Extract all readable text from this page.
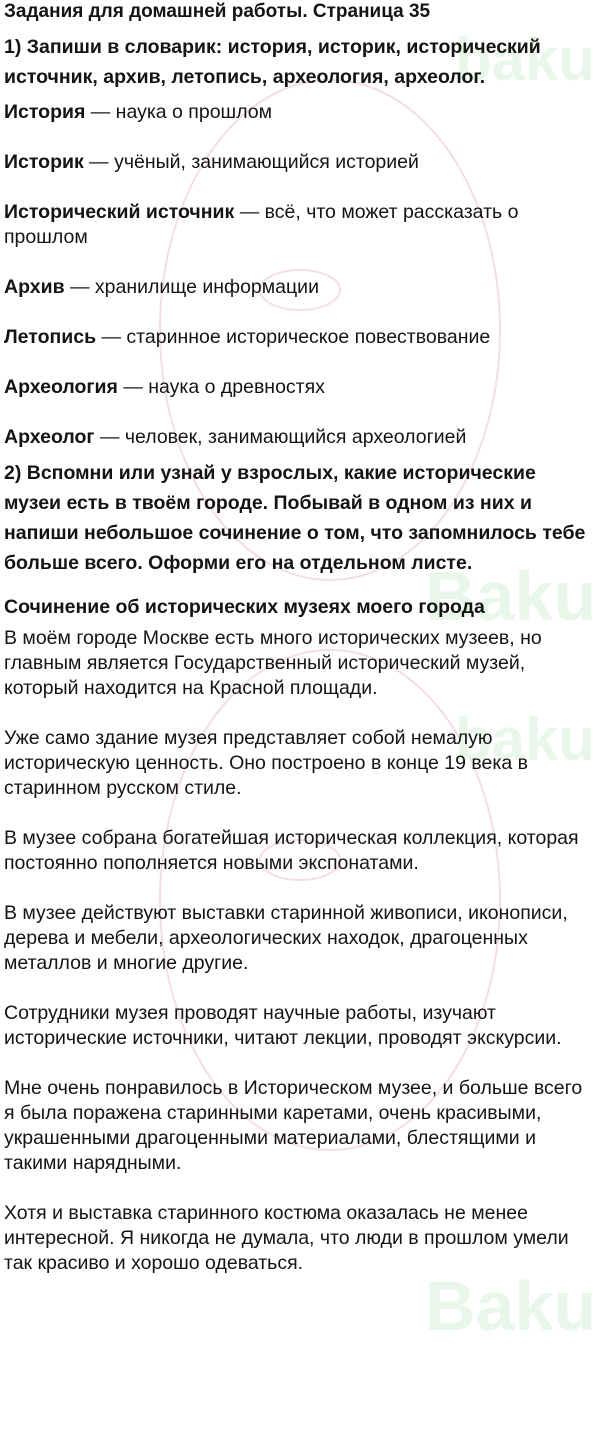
baku
Baku
baku
Baku
Задания для домашней работы. Страница 35
1) Запиши в словарик: история, историк, исторический источник, архив, летопись, археология, археолог.
История — наука о прошлом
Историк — учёный, занимающийся историей
Исторический источник — всё, что может рассказать о прошлом
Архив — хранилище информации
Летопись — старинное историческое повествование
Археология — наука о древностях
Археолог — человек, занимающийся археологией
2) Вспомни или узнай у взрослых, какие исторические музеи есть в твоём городе. Побывай в одном из них и напиши небольшое сочинение о том, что запомнилось тебе больше всего. Оформи его на отдельном листе.
Сочинение об исторических музеях моего города

В моём городе Москве есть много исторических музеев, но главным является Государственный исторический музей, который находится на Красной площади.

Уже само здание музея представляет собой немалую историческую ценность. Оно построено в конце 19 века в старинном русском стиле.

В музее собрана богатейшая историческая коллекция, которая постоянно пополняется новыми экспонатами.

В музее действуют выставки старинной живописи, иконописи, дерева и мебели, археологических находок, драгоценных металлов и многие другие.

Сотрудники музея проводят научные работы, изучают исторические источники, читают лекции, проводят экскурсии.

Мне очень понравилось в Историческом музее, и больше всего я была поражена старинными каретами, очень красивыми, украшенными драгоценными материалами, блестящими и такими нарядными.

Хотя и выставка старинного костюма оказалась не менее интересной. Я никогда не думала, что люди в прошлом умели так красиво и хорошо одеваться.
